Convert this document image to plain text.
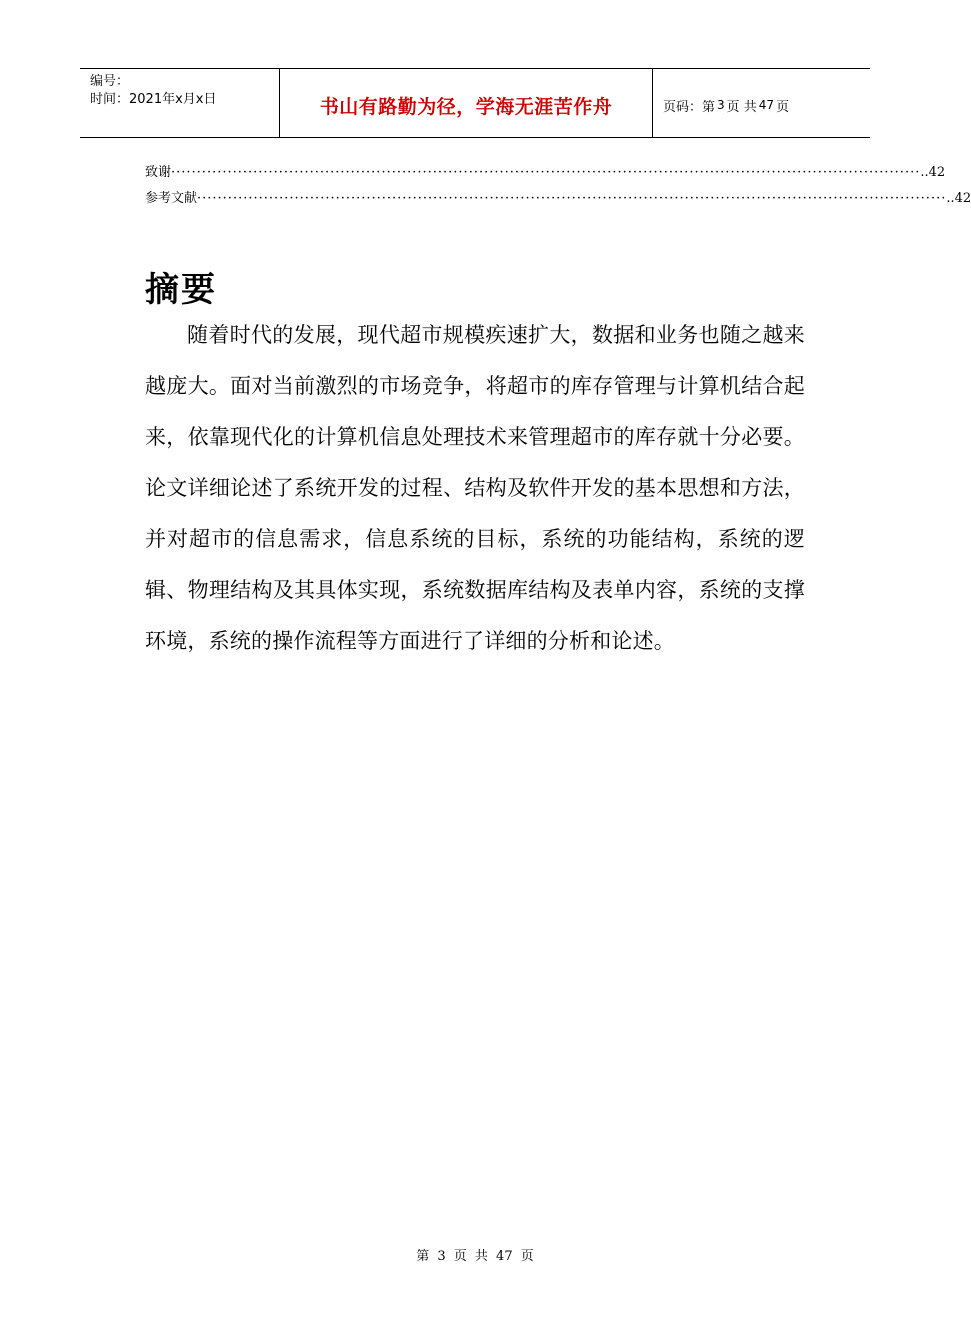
编号：
时间：2021年x月x日	书山有路勤为径，学海无涯苦作舟	页码：第 3 页 共 47 页
致谢 ·················································································································································· ..42
参考文献 ·················································································································································· ..42
摘要

随着时代的发展，现代超市规模疾速扩大，数据和业务也随之越来越庞大。面对当前激烈的市场竞争，将超市的库存管理与计算机结合起来，依靠现代化的计算机信息处理技术来管理超市的库存就十分必要。论文详细论述了系统开发的过程、结构及软件开发的基本思想和方法，并对超市的信息需求，信息系统的目标，系统的功能结构，系统的逻辑、物理结构及其具体实现，系统数据库结构及表单内容，系统的支撑环境，系统的操作流程等方面进行了详细的分析和论述。

第 3 页 共 47 页
